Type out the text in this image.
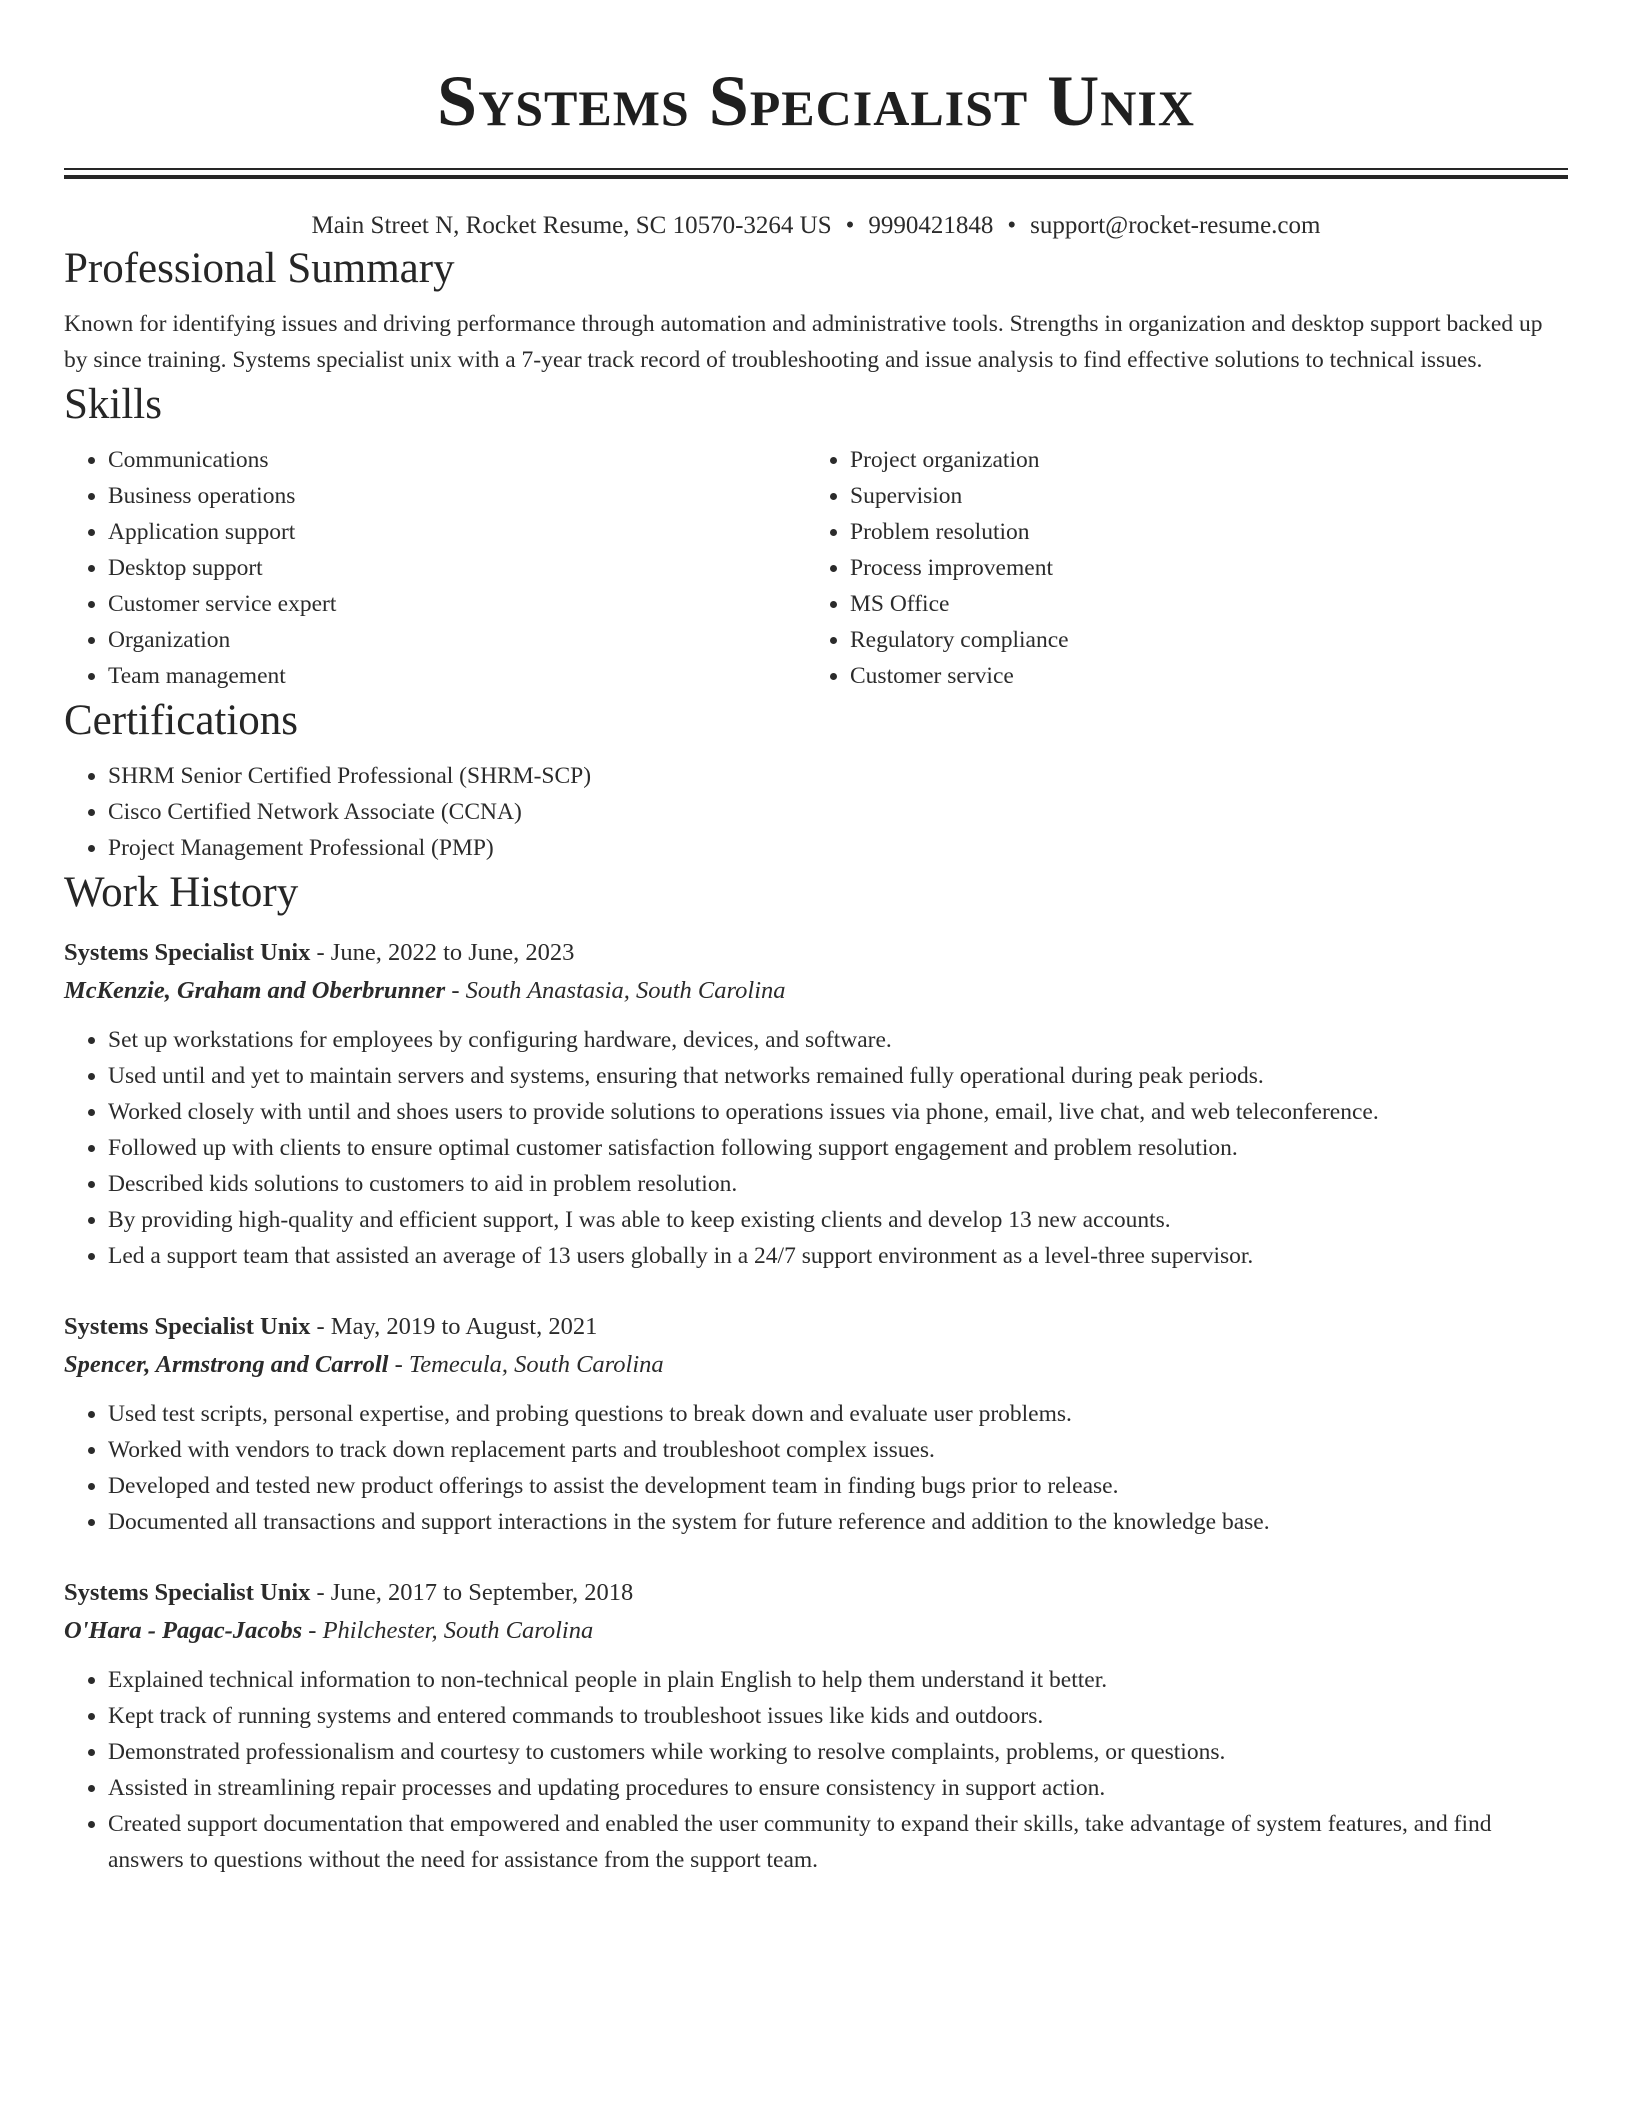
Systems Specialist Unix
Main Street N, Rocket Resume, SC 10570-3264 US • 9990421848 • support@rocket-resume.com
Professional Summary

Known for identifying issues and driving performance through automation and administrative tools. Strengths in organization and desktop support backed up by since training. Systems specialist unix with a 7-year track record of troubleshooting and issue analysis to find effective solutions to technical issues.

Skills
• Communications
• Business operations
• Application support
• Desktop support
• Customer service expert
• Organization
• Team management
• Project organization
• Supervision
• Problem resolution
• Process improvement
• MS Office
• Regulatory compliance
• Customer service
Certifications
• SHRM Senior Certified Professional (SHRM-SCP)
• Cisco Certified Network Associate (CCNA)
• Project Management Professional (PMP)
Work History
Systems Specialist Unix - June, 2022 to June, 2023
McKenzie, Graham and Oberbrunner - South Anastasia, South Carolina
• Set up workstations for employees by configuring hardware, devices, and software.
• Used until and yet to maintain servers and systems, ensuring that networks remained fully operational during peak periods.
• Worked closely with until and shoes users to provide solutions to operations issues via phone, email, live chat, and web teleconference.
• Followed up with clients to ensure optimal customer satisfaction following support engagement and problem resolution.
• Described kids solutions to customers to aid in problem resolution.
• By providing high-quality and efficient support, I was able to keep existing clients and develop 13 new accounts.
• Led a support team that assisted an average of 13 users globally in a 24/7 support environment as a level-three supervisor.
Systems Specialist Unix - May, 2019 to August, 2021
Spencer, Armstrong and Carroll - Temecula, South Carolina
• Used test scripts, personal expertise, and probing questions to break down and evaluate user problems.
• Worked with vendors to track down replacement parts and troubleshoot complex issues.
• Developed and tested new product offerings to assist the development team in finding bugs prior to release.
• Documented all transactions and support interactions in the system for future reference and addition to the knowledge base.
Systems Specialist Unix - June, 2017 to September, 2018
O'Hara - Pagac-Jacobs - Philchester, South Carolina
• Explained technical information to non-technical people in plain English to help them understand it better.
• Kept track of running systems and entered commands to troubleshoot issues like kids and outdoors.
• Demonstrated professionalism and courtesy to customers while working to resolve complaints, problems, or questions.
• Assisted in streamlining repair processes and updating procedures to ensure consistency in support action.
• Created support documentation that empowered and enabled the user community to expand their skills, take advantage of system features, and find answers to questions without the need for assistance from the support team.
